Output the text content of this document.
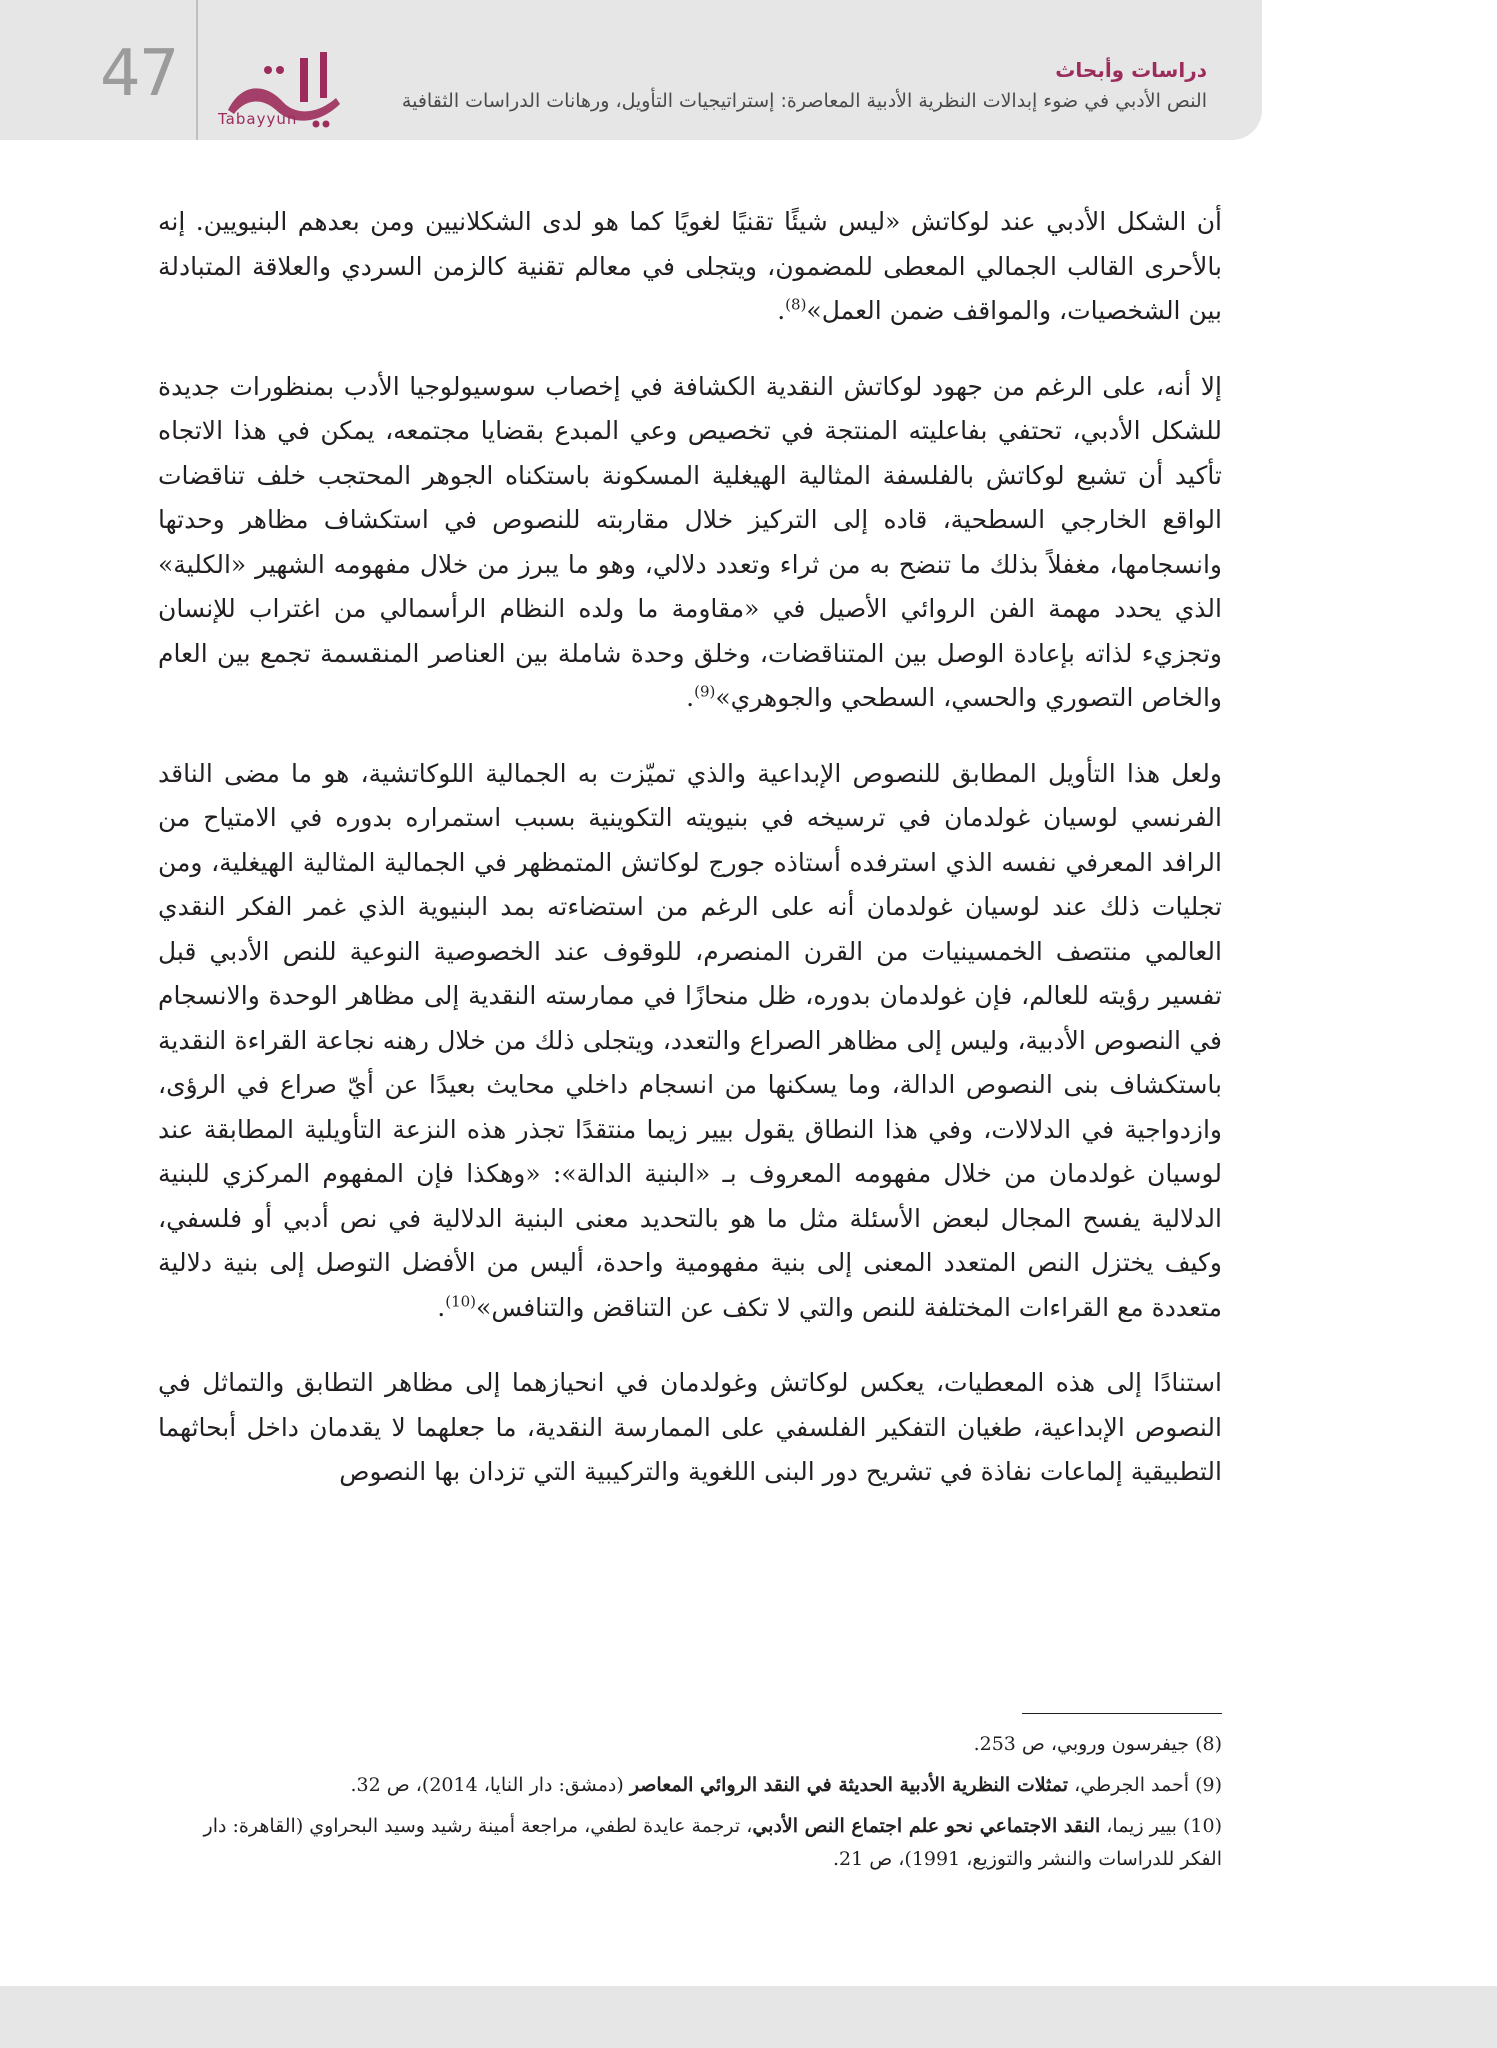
47
Tabayyun
دراسات وأبحاث
النص الأدبي في ضوء إبدالات النظرية الأدبية المعاصرة: إستراتيجيات التأويل، ورهانات الدراسات الثقافية

أن الشكل الأدبي عند لوكاتش «ليس شيئًا تقنيًا لغويًا كما هو لدى الشكلانيين ومن بعدهم البنيويين. إنه بالأحرى القالب الجمالي المعطى للمضمون، ويتجلى في معالم تقنية كالزمن السردي والعلاقة المتبادلة بين الشخصيات، والمواقف ضمن العمل»$^{(8)}$.

إلا أنه، على الرغم من جهود لوكاتش النقدية الكشافة في إخصاب سوسيولوجيا الأدب بمنظورات جديدة للشكل الأدبي، تحتفي بفاعليته المنتجة في تخصيص وعي المبدع بقضايا مجتمعه، يمكن في هذا الاتجاه تأكيد أن تشبع لوكاتش بالفلسفة المثالية الهيغلية المسكونة باستكناه الجوهر المحتجب خلف تناقضات الواقع الخارجي السطحية، قاده إلى التركيز خلال مقاربته للنصوص في استكشاف مظاهر وحدتها وانسجامها، مغفلاً بذلك ما تنضح به من ثراء وتعدد دلالي، وهو ما يبرز من خلال مفهومه الشهير «الكلية» الذي يحدد مهمة الفن الروائي الأصيل في «مقاومة ما ولده النظام الرأسمالي من اغتراب للإنسان وتجزيء لذاته بإعادة الوصل بين المتناقضات، وخلق وحدة شاملة بين العناصر المنقسمة تجمع بين العام والخاص التصوري والحسي، السطحي والجوهري»$^{(9)}$.

ولعل هذا التأويل المطابق للنصوص الإبداعية والذي تميّزت به الجمالية اللوكاتشية، هو ما مضى الناقد الفرنسي لوسيان غولدمان في ترسيخه في بنيويته التكوينية بسبب استمراره بدوره في الامتياح من الرافد المعرفي نفسه الذي استرفده أستاذه جورج لوكاتش المتمظهر في الجمالية المثالية الهيغلية، ومن تجليات ذلك عند لوسيان غولدمان أنه على الرغم من استضاءته بمد البنيوية الذي غمر الفكر النقدي العالمي منتصف الخمسينيات من القرن المنصرم، للوقوف عند الخصوصية النوعية للنص الأدبي قبل تفسير رؤيته للعالم، فإن غولدمان بدوره، ظل منحازًا في ممارسته النقدية إلى مظاهر الوحدة والانسجام في النصوص الأدبية، وليس إلى مظاهر الصراع والتعدد، ويتجلى ذلك من خلال رهنه نجاعة القراءة النقدية باستكشاف بنى النصوص الدالة، وما يسكنها من انسجام داخلي محايث بعيدًا عن أيّ صراع في الرؤى، وازدواجية في الدلالات، وفي هذا النطاق يقول بيير زيما منتقدًا تجذر هذه النزعة التأويلية المطابقة عند لوسيان غولدمان من خلال مفهومه المعروف بـ «البنية الدالة»: «وهكذا فإن المفهوم المركزي للبنية الدلالية يفسح المجال لبعض الأسئلة مثل ما هو بالتحديد معنى البنية الدلالية في نص أدبي أو فلسفي، وكيف يختزل النص المتعدد المعنى إلى بنية مفهومية واحدة، أليس من الأفضل التوصل إلى بنية دلالية متعددة مع القراءات المختلفة للنص والتي لا تكف عن التناقض والتنافس»$^{(10)}$.

استنادًا إلى هذه المعطيات، يعكس لوكاتش وغولدمان في انحيازهما إلى مظاهر التطابق والتماثل في النصوص الإبداعية، طغيان التفكير الفلسفي على الممارسة النقدية، ما جعلهما لا يقدمان داخل أبحاثهما التطبيقية إلماعات نفاذة في تشريح دور البنى اللغوية والتركيبية التي تزدان بها النصوص

(8) جيفرسون وروبي، ص 253.
(9) أحمد الجرطي، تمثلات النظرية الأدبية الحديثة في النقد الروائي المعاصر (دمشق: دار النايا، 2014)، ص 32.
(10) بيير زيما، النقد الاجتماعي نحو علم اجتماع النص الأدبي، ترجمة عايدة لطفي، مراجعة أمينة رشيد وسيد البحراوي (القاهرة: دار الفكر للدراسات والنشر والتوزيع، 1991)، ص 21.
